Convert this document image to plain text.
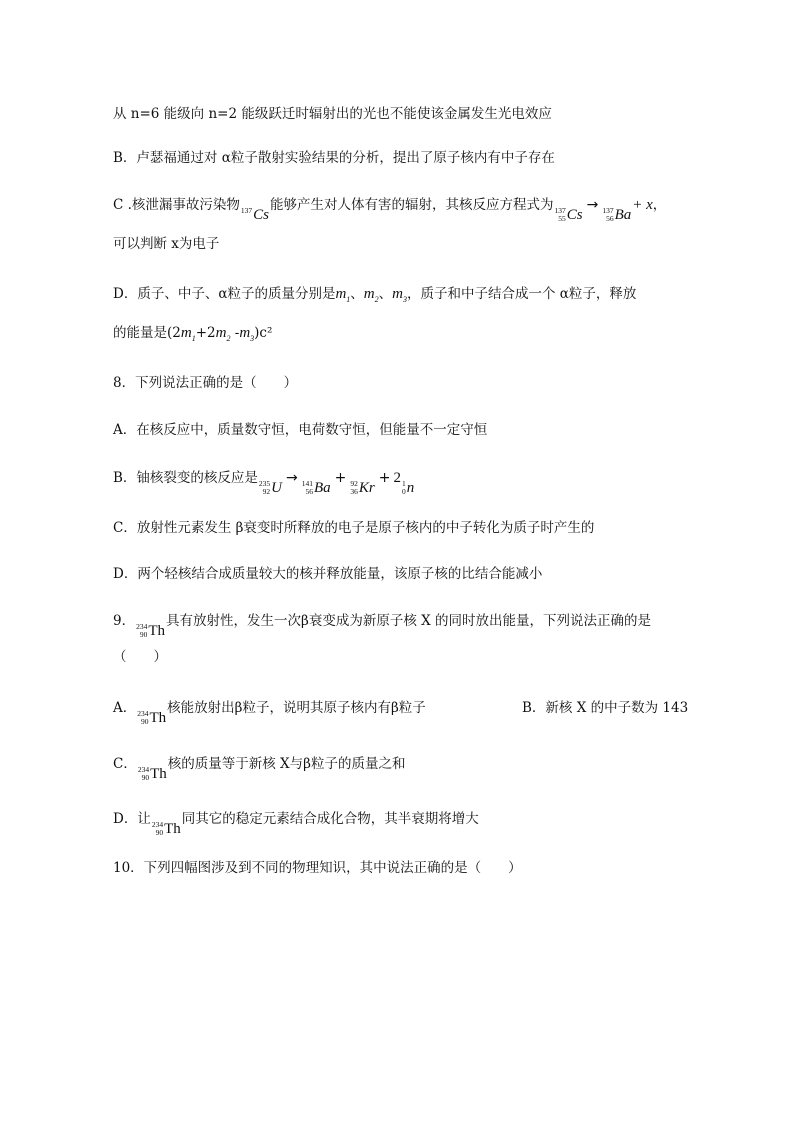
从 n=6 能级向 n=2 能级跃迁时辐射出的光也不能使该金属发生光电效应
B．卢瑟福通过对 α粒子散射实验结果的分析，提出了原子核内有中子存在
C .核泄漏事故污染物 137 Cs
能够产生对人体有害的辐射，其核反应方程式为 137
55 Cs
→ 137
56 Ba
+ x，
可以判断 x为电子
D．质子、中子、α粒子的质量分别是$m_1$、$m_2$、$m_3$，质子和中子结合成一个 α粒子，释放
的能量是($2m_1+2m_2$ $-m_3)c^2$
8．下列说法正确的是（　　）
A．在核反应中，质量数守恒，电荷数守恒，但能量不一定守恒
B．铀核裂变的核反应是 235
92 U
→ 141
56 Ba
+ 92
36 Kr
+ 2 1
0 n
C．放射性元素发生 β衰变时所释放的电子是原子核内的中子转化为质子时产生的
D．两个轻核结合成质量较大的核并释放能量，该原子核的比结合能减小
9． 234
90 Th
具有放射性，发生一次β衰变成为新原子核 X 的同时放出能量，下列说法正确的是
（　　）
A． 234
90 Th
核能放射出β粒子，说明其原子核内有β粒子	B．新核 X 的中子数为 143
C． 234
90 Th
核的质量等于新核 X与β粒子的质量之和
D．让 234
90 Th
同其它的稳定元素结合成化合物，其半衰期将增大
10．下列四幅图涉及到不同的物理知识，其中说法正确的是（　　）
